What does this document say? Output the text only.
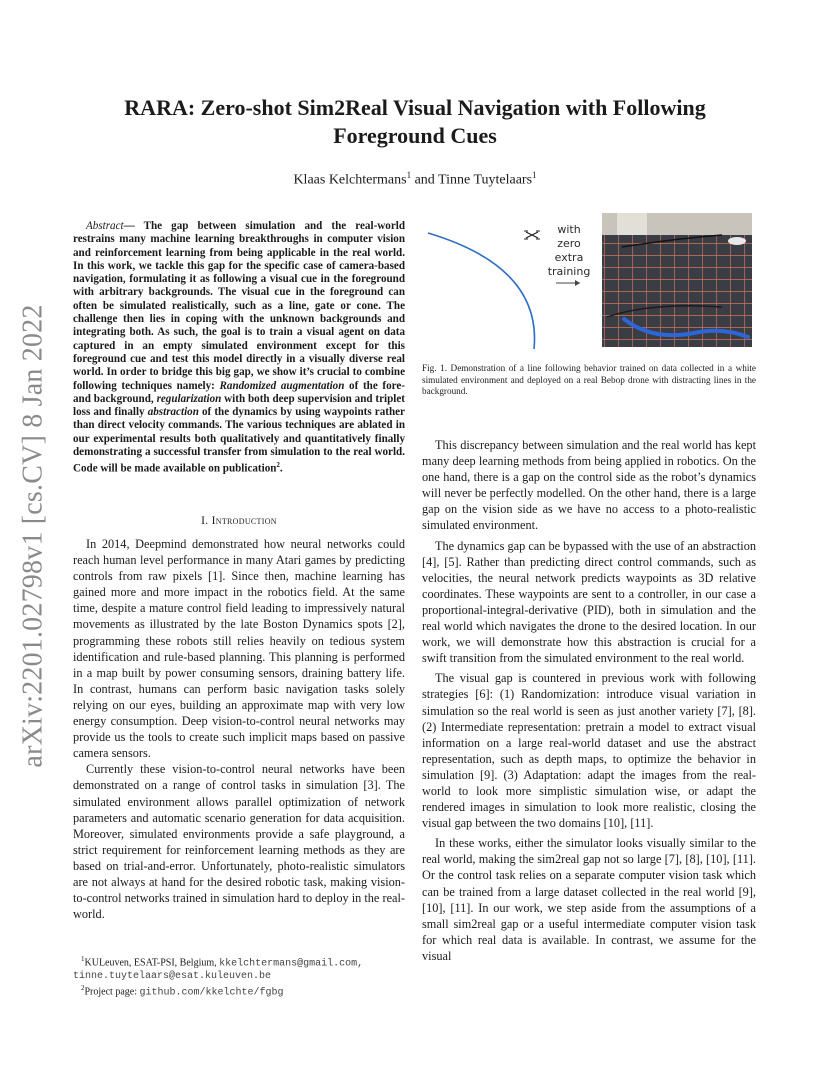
arXiv:2201.02798v1 [cs.CV] 8 Jan 2022
RARA: Zero-shot Sim2Real Visual Navigation with Following Foreground Cues
Klaas Kelchtermans$^1$ and Tinne Tuytelaars$^1$
Abstract— The gap between simulation and the real-world restrains many machine learning breakthroughs in computer vision and reinforcement learning from being applicable in the real world. In this work, we tackle this gap for the specific case of camera-based navigation, formulating it as following a visual cue in the foreground with arbitrary backgrounds. The visual cue in the foreground can often be simulated realistically, such as a line, gate or cone. The challenge then lies in coping with the unknown backgrounds and integrating both. As such, the goal is to train a visual agent on data captured in an empty simulated environment except for this foreground cue and test this model directly in a visually diverse real world. In order to bridge this big gap, we show it’s crucial to combine following techniques namely: Randomized augmentation of the fore- and background, regularization with both deep supervision and triplet loss and finally abstraction of the dynamics by using waypoints rather than direct velocity commands. The various techniques are ablated in our experimental results both qualitatively and quantitatively finally demonstrating a successful transfer from simulation to the real world. Code will be made available on publication$^2$.
I. Introduction

In 2014, Deepmind demonstrated how neural networks could reach human level performance in many Atari games by predicting controls from raw pixels [1]. Since then, machine learning has gained more and more impact in the robotics field. At the same time, despite a mature control field leading to impressively natural movements as illustrated by the late Boston Dynamics spots [2], programming these robots still relies heavily on tedious system identification and rule-based planning. This planning is performed in a map built by power consuming sensors, draining battery life. In contrast, humans can perform basic navigation tasks solely relying on our eyes, building an approximate map with very low energy consumption. Deep vision-to-control neural networks may provide us the tools to create such implicit maps based on passive camera sensors.

Currently these vision-to-control neural networks have been demonstrated on a range of control tasks in simulation [3]. The simulated environment allows parallel optimization of network parameters and automatic scenario generation for data acquisition. Moreover, simulated environments provide a safe playground, a strict requirement for reinforcement learning methods as they are based on trial-and-error. Unfortunately, photo-realistic simulators are not always at hand for the desired robotic task, making vision-to-control networks trained in simulation hard to deploy in the real-world.

$^1$KULeuven, ESAT-PSI, Belgium, kkelchtermans@gmail.com, tinne.tuytelaars@esat.kuleuven.be
$^2$Project page: github.com/kkelchte/fgbg
with
zero
extra
training
Fig. 1. Demonstration of a line following behavior trained on data collected in a white simulated environment and deployed on a real Bebop drone with distracting lines in the background.

This discrepancy between simulation and the real world has kept many deep learning methods from being applied in robotics. On the one hand, there is a gap on the control side as the robot’s dynamics will never be perfectly modelled. On the other hand, there is a large gap on the vision side as we have no access to a photo-realistic simulated environment.

The dynamics gap can be bypassed with the use of an abstraction [4], [5]. Rather than predicting direct control commands, such as velocities, the neural network predicts waypoints as 3D relative coordinates. These waypoints are sent to a controller, in our case a proportional-integral-derivative (PID), both in simulation and the real world which navigates the drone to the desired location. In our work, we will demonstrate how this abstraction is crucial for a swift transition from the simulated environment to the real world.

The visual gap is countered in previous work with following strategies [6]: (1) Randomization: introduce visual variation in simulation so the real world is seen as just another variety [7], [8]. (2) Intermediate representation: pretrain a model to extract visual information on a large real-world dataset and use the abstract representation, such as depth maps, to optimize the behavior in simulation [9]. (3) Adaptation: adapt the images from the real-world to look more simplistic simulation wise, or adapt the rendered images in simulation to look more realistic, closing the visual gap between the two domains [10], [11].

In these works, either the simulator looks visually similar to the real world, making the sim2real gap not so large [7], [8], [10], [11]. Or the control task relies on a separate computer vision task which can be trained from a large dataset collected in the real world [9], [10], [11]. In our work, we step aside from the assumptions of a small sim2real gap or a useful intermediate computer vision task for which real data is available. In contrast, we assume for the visual
